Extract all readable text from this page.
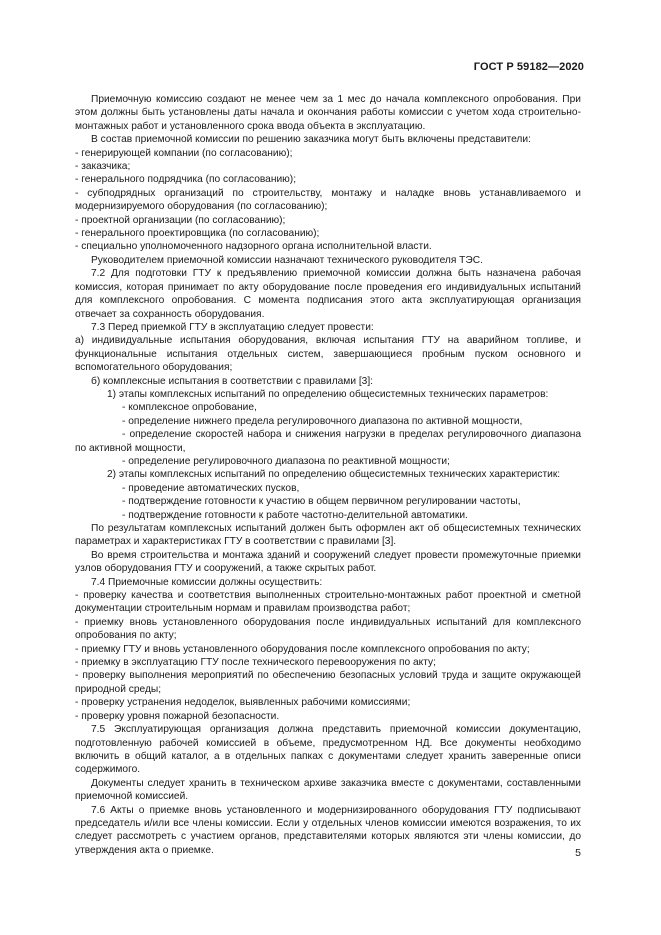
ГОСТ Р 59182—2020

Приемочную комиссию создают не менее чем за 1 мес до начала комплексного опробования. При этом должны быть установлены даты начала и окончания работы комиссии с учетом хода строительно-монтажных работ и установленного срока ввода объекта в эксплуатацию.

В состав приемочной комиссии по решению заказчика могут быть включены представители:

- генерирующей компании (по согласованию);

- заказчика;

- генерального подрядчика (по согласованию);

- субподрядных организаций по строительству, монтажу и наладке вновь устанавливаемого и модернизируемого оборудования (по согласованию);

- проектной организации (по согласованию);

- генерального проектировщика (по согласованию);

- специально уполномоченного надзорного органа исполнительной власти.

Руководителем приемочной комиссии назначают технического руководителя ТЭС.

7.2 Для подготовки ГТУ к предъявлению приемочной комиссии должна быть назначена рабочая комиссия, которая принимает по акту оборудование после проведения его индивидуальных испытаний для комплексного опробования. С момента подписания этого акта эксплуатирующая организация отвечает за сохранность оборудования.

7.3 Перед приемкой ГТУ в эксплуатацию следует провести:

а) индивидуальные испытания оборудования, включая испытания ГТУ на аварийном топливе, и функциональные испытания отдельных систем, завершающиеся пробным пуском основного и вспомогательного оборудования;

б) комплексные испытания в соответствии с правилами [3]:

1) этапы комплексных испытаний по определению общесистемных технических параметров:

- комплексное опробование,

- определение нижнего предела регулировочного диапазона по активной мощности,

- определение скоростей набора и снижения нагрузки в пределах регулировочного диапазона по активной мощности,

- определение регулировочного диапазона по реактивной мощности;

2) этапы комплексных испытаний по определению общесистемных технических характеристик:

- проведение автоматических пусков,

- подтверждение готовности к участию в общем первичном регулировании частоты,

- подтверждение готовности к работе частотно-делительной автоматики.

По результатам комплексных испытаний должен быть оформлен акт об общесистемных технических параметрах и характеристиках ГТУ в соответствии с правилами [3].

Во время строительства и монтажа зданий и сооружений следует провести промежуточные приемки узлов оборудования ГТУ и сооружений, а также скрытых работ.

7.4 Приемочные комиссии должны осуществить:

- проверку качества и соответствия выполненных строительно-монтажных работ проектной и сметной документации строительным нормам и правилам производства работ;

- приемку вновь установленного оборудования после индивидуальных испытаний для комплексного опробования по акту;

- приемку ГТУ и вновь установленного оборудования после комплексного опробования по акту;

- приемку в эксплуатацию ГТУ после технического перевооружения по акту;

- проверку выполнения мероприятий по обеспечению безопасных условий труда и защите окружающей природной среды;

- проверку устранения недоделок, выявленных рабочими комиссиями;

- проверку уровня пожарной безопасности.

7.5 Эксплуатирующая организация должна представить приемочной комиссии документацию, подготовленную рабочей комиссией в объеме, предусмотренном НД. Все документы необходимо включить в общий каталог, а в отдельных папках с документами следует хранить заверенные описи содержимого.

Документы следует хранить в техническом архиве заказчика вместе с документами, составленными приемочной комиссией.

7.6 Акты о приемке вновь установленного и модернизированного оборудования ГТУ подписывают председатель и/или все члены комиссии. Если у отдельных членов комиссии имеются возражения, то их следует рассмотреть с участием органов, представителями которых являются эти члены комиссии, до утверждения акта о приемке.	5
